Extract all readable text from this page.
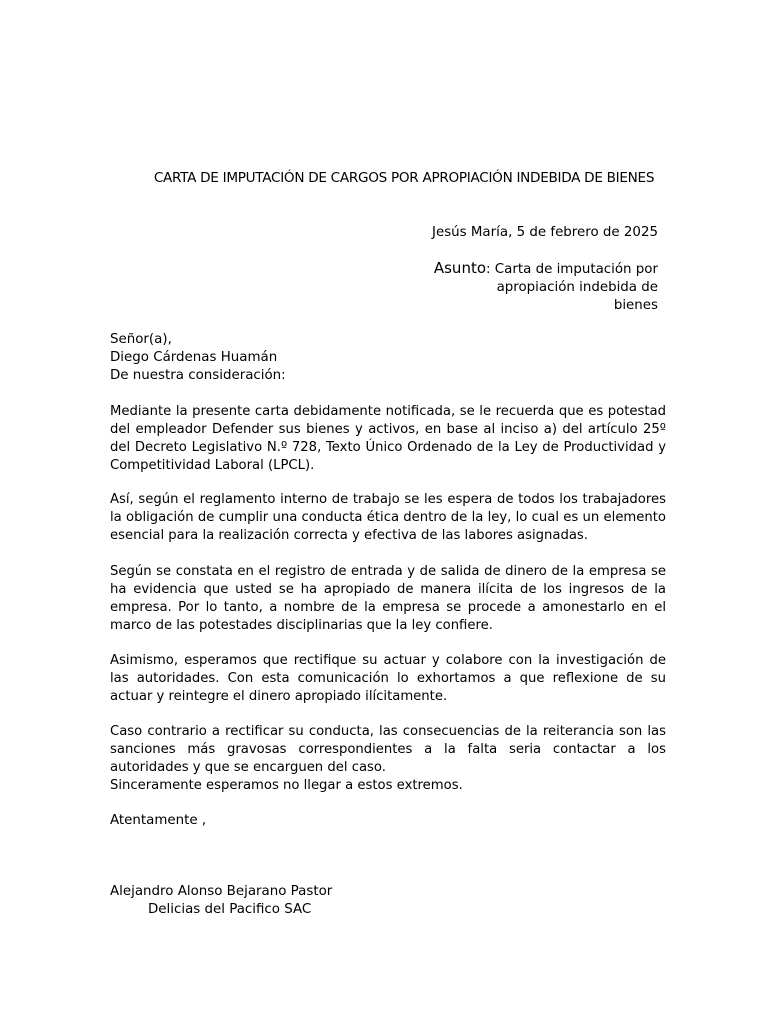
CARTA DE IMPUTACIÓN DE CARGOS POR APROPIACIÓN INDEBIDA DE BIENES
Jesús María, 5 de febrero de 2025
Asunto: Carta de imputación por
apropiación indebida de
bienes
Señor(a),
Diego Cárdenas Huamán
De nuestra consideración:
Mediante la presente carta debidamente notificada, se le recuerda que es potestad del empleador Defender sus bienes y activos, en base al inciso a) del artículo 25º del Decreto Legislativo N.º 728, Texto Único Ordenado de la Ley de Productividad y Competitividad Laboral (LPCL).
Así, según el reglamento interno de trabajo se les espera de todos los trabajadores la obligación de cumplir una conducta ética dentro de la ley, lo cual es un elemento esencial para la realización correcta y efectiva de las labores asignadas.
Según se constata en el registro de entrada y de salida de dinero de la empresa se ha evidencia que usted se ha apropiado de manera ilícita de los ingresos de la empresa. Por lo tanto, a nombre de la empresa se procede a amonestarlo en el marco de las potestades disciplinarias que la ley confiere.
Asimismo, esperamos que rectifique su actuar y colabore con la investigación de las autoridades. Con esta comunicación lo exhortamos a que reflexione de su actuar y reintegre el dinero apropiado ilícitamente.
Caso contrario a rectificar su conducta, las consecuencias de la reiterancia son las sanciones más gravosas correspondientes a la falta seria contactar a los autoridades y que se encarguen del caso.
Sinceramente esperamos no llegar a estos extremos.
Atentamente ,
Alejandro Alonso Bejarano Pastor
Delicias del Pacifico SAC
